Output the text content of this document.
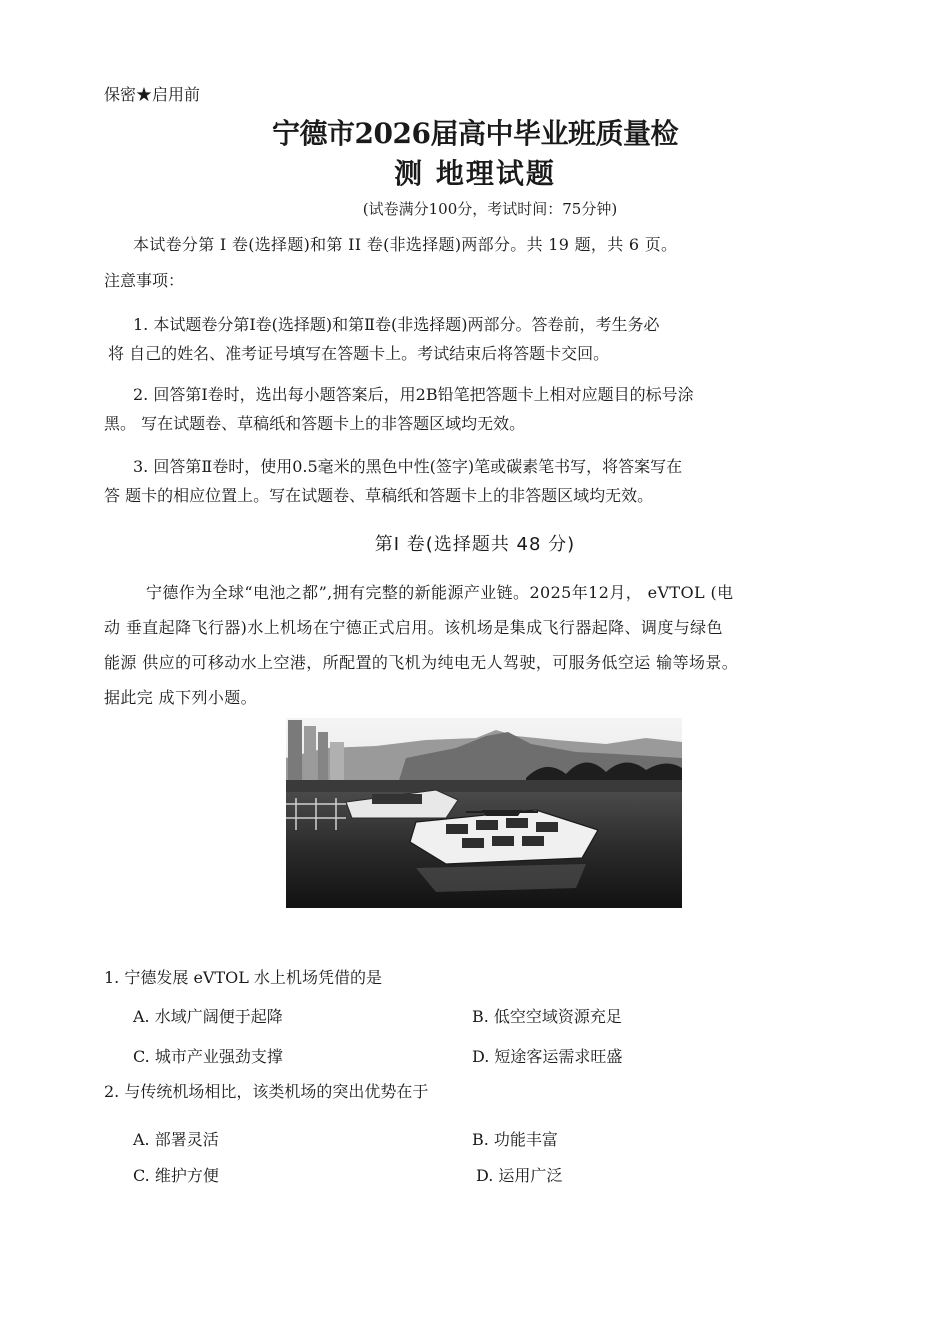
保密★启用前
宁德市2026届高中毕业班质量检
测 地理试题
(试卷满分100分，考试时间：75分钟)
本试卷分第 I 卷(选择题)和第 II 卷(非选择题)两部分。共 19 题，共 6 页。
注意事项：
1. 本试题卷分第Ⅰ卷(选择题)和第Ⅱ卷(非选择题)两部分。答卷前，考生务必
将 自己的姓名、准考证号填写在答题卡上。考试结束后将答题卡交回。
2. 回答第Ⅰ卷时，选出每小题答案后，用2B铅笔把答题卡上相对应题目的标号涂
黑。 写在试题卷、草稿纸和答题卡上的非答题区域均无效。
3. 回答第Ⅱ卷时，使用0.5毫米的黑色中性(签字)笔或碳素笔书写，将答案写在
答 题卡的相应位置上。写在试题卷、草稿纸和答题卡上的非答题区域均无效。
第Ⅰ 卷(选择题共 48 分)
宁德作为全球“电池之都”,拥有完整的新能源产业链。2025年12月， eVTOL (电
动 垂直起降飞行器)水上机场在宁德正式启用。该机场是集成飞行器起降、调度与绿色
能源 供应的可移动水上空港，所配置的飞机为纯电无人驾驶，可服务低空运 输等场景。
据此完 成下列小题。
1. 宁德发展 eVTOL 水上机场凭借的是
A. 水域广阔便于起降	B. 低空空域资源充足
C. 城市产业强劲支撑	D. 短途客运需求旺盛
2. 与传统机场相比，该类机场的突出优势在于
A. 部署灵活	B. 功能丰富
C. 维护方便	D. 运用广泛
